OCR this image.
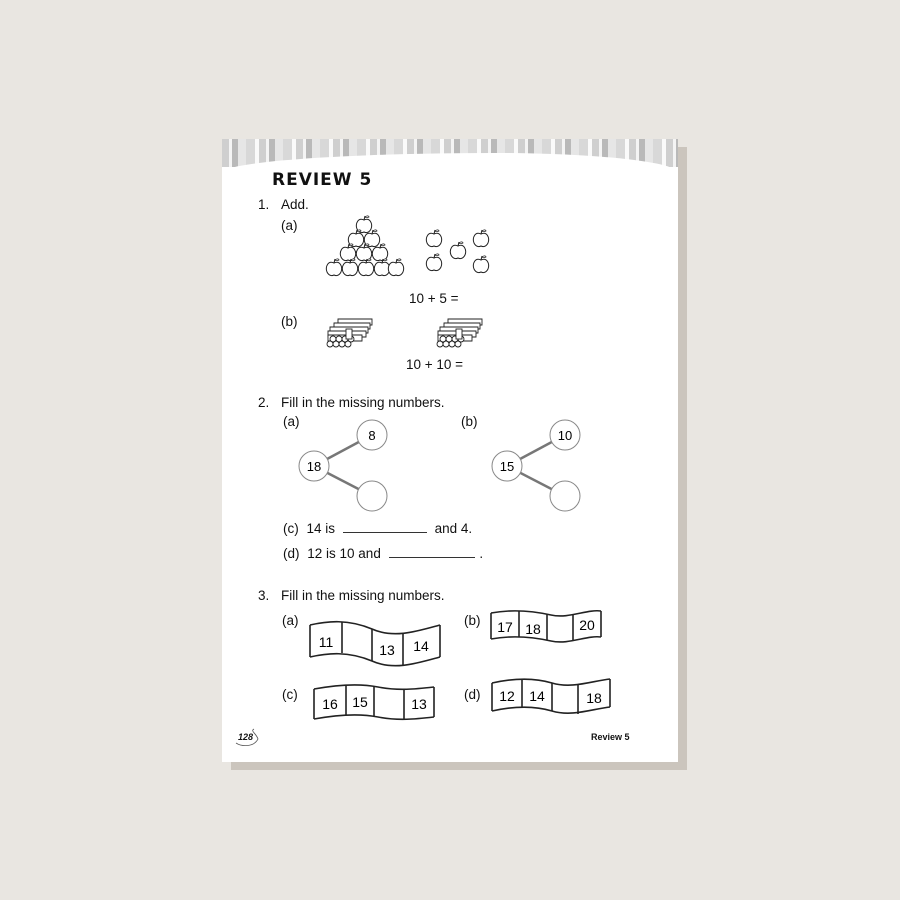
REVIEW 5
1. Add.
(a)
10 + 5 =
(b)
10 + 10 =
2. Fill in the missing numbers.
(a)	(b)
18
8
15
10
(c) 14 is	and 4.
(d) 12 is 10 and	.
3. Fill in the missing numbers.
(a)	(b)
(c)	(d)
11	13 14
17 18	20
16 15	13	12 14	18
128	Review 5
